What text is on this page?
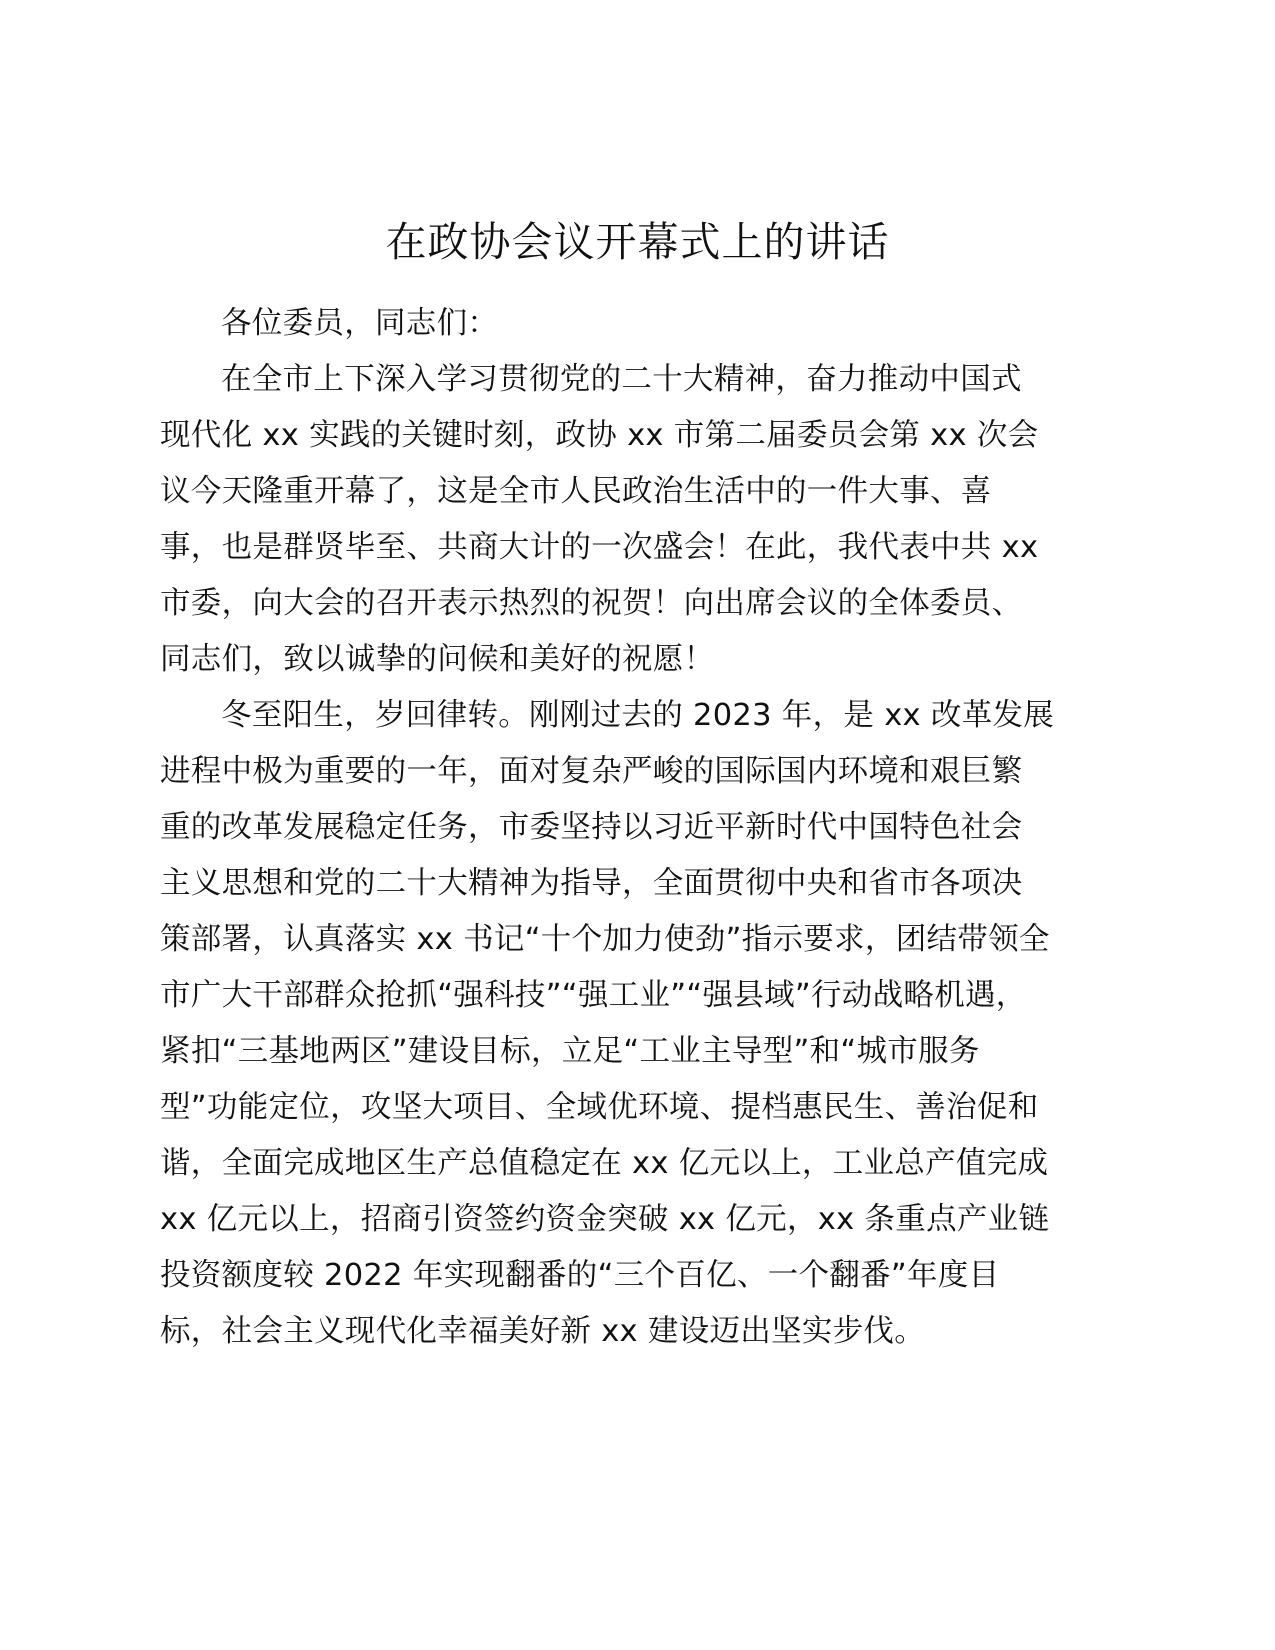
在政协会议开幕式上的讲话
各位委员，同志们：
在全市上下深入学习贯彻党的二十大精神，奋力推动中国式
现代化 xx 实践的关键时刻，政协 xx 市第二届委员会第 xx 次会
议今天隆重开幕了，这是全市人民政治生活中的一件大事、喜
事，也是群贤毕至、共商大计的一次盛会！在此，我代表中共 xx
市委，向大会的召开表示热烈的祝贺！向出席会议的全体委员、
同志们，致以诚挚的问候和美好的祝愿！
冬至阳生，岁回律转。刚刚过去的 2023 年，是 xx 改革发展
进程中极为重要的一年，面对复杂严峻的国际国内环境和艰巨繁
重的改革发展稳定任务，市委坚持以习近平新时代中国特色社会
主义思想和党的二十大精神为指导，全面贯彻中央和省市各项决
策部署，认真落实 xx 书记“十个加力使劲”指示要求，团结带领全
市广大干部群众抢抓“强科技”“强工业”“强县域”行动战略机遇，
紧扣“三基地两区”建设目标，立足“工业主导型”和“城市服务
型”功能定位，攻坚大项目、全域优环境、提档惠民生、善治促和
谐，全面完成地区生产总值稳定在 xx 亿元以上，工业总产值完成
xx 亿元以上，招商引资签约资金突破 xx 亿元，xx 条重点产业链
投资额度较 2022 年实现翻番的“三个百亿、一个翻番”年度目
标，社会主义现代化幸福美好新 xx 建设迈出坚实步伐。
